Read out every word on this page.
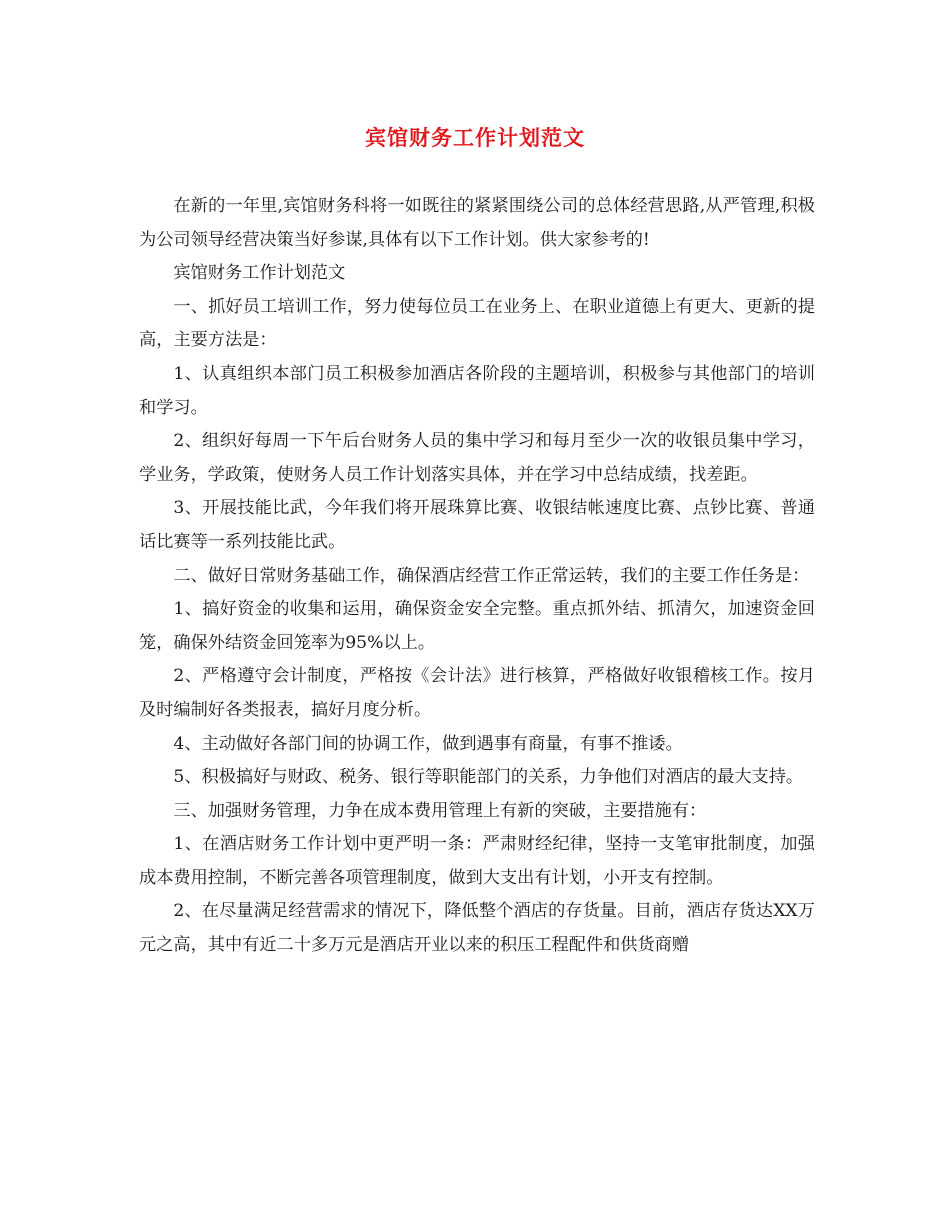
宾馆财务工作计划范文

在新的一年里,宾馆财务科将一如既往的紧紧围绕公司的总体经营思路,从严管理,积极为公司领导经营决策当好参谋,具体有以下工作计划。供大家参考的!

宾馆财务工作计划范文

一、抓好员工培训工作，努力使每位员工在业务上、在职业道德上有更大、更新的提高，主要方法是：

1、认真组织本部门员工积极参加酒店各阶段的主题培训，积极参与其他部门的培训和学习。

2、组织好每周一下午后台财务人员的集中学习和每月至少一次的收银员集中学习，学业务，学政策，使财务人员工作计划落实具体，并在学习中总结成绩，找差距。

3、开展技能比武，今年我们将开展珠算比赛、收银结帐速度比赛、点钞比赛、普通话比赛等一系列技能比武。

二、做好日常财务基础工作，确保酒店经营工作正常运转，我们的主要工作任务是：

1、搞好资金的收集和运用，确保资金安全完整。重点抓外结、抓清欠，加速资金回笼，确保外结资金回笼率为95%以上。

2、严格遵守会计制度，严格按《会计法》进行核算，严格做好收银稽核工作。按月及时编制好各类报表，搞好月度分析。

4、主动做好各部门间的协调工作，做到遇事有商量，有事不推诿。

5、积极搞好与财政、税务、银行等职能部门的关系，力争他们对酒店的最大支持。

三、加强财务管理，力争在成本费用管理上有新的突破，主要措施有：

1、在酒店财务工作计划中更严明一条：严肃财经纪律，坚持一支笔审批制度，加强成本费用控制，不断完善各项管理制度，做到大支出有计划，小开支有控制。

2、在尽量满足经营需求的情况下，降低整个酒店的存货量。目前，酒店存货达XX万元之高，其中有近二十多万元是酒店开业以来的积压工程配件和供货商赠
